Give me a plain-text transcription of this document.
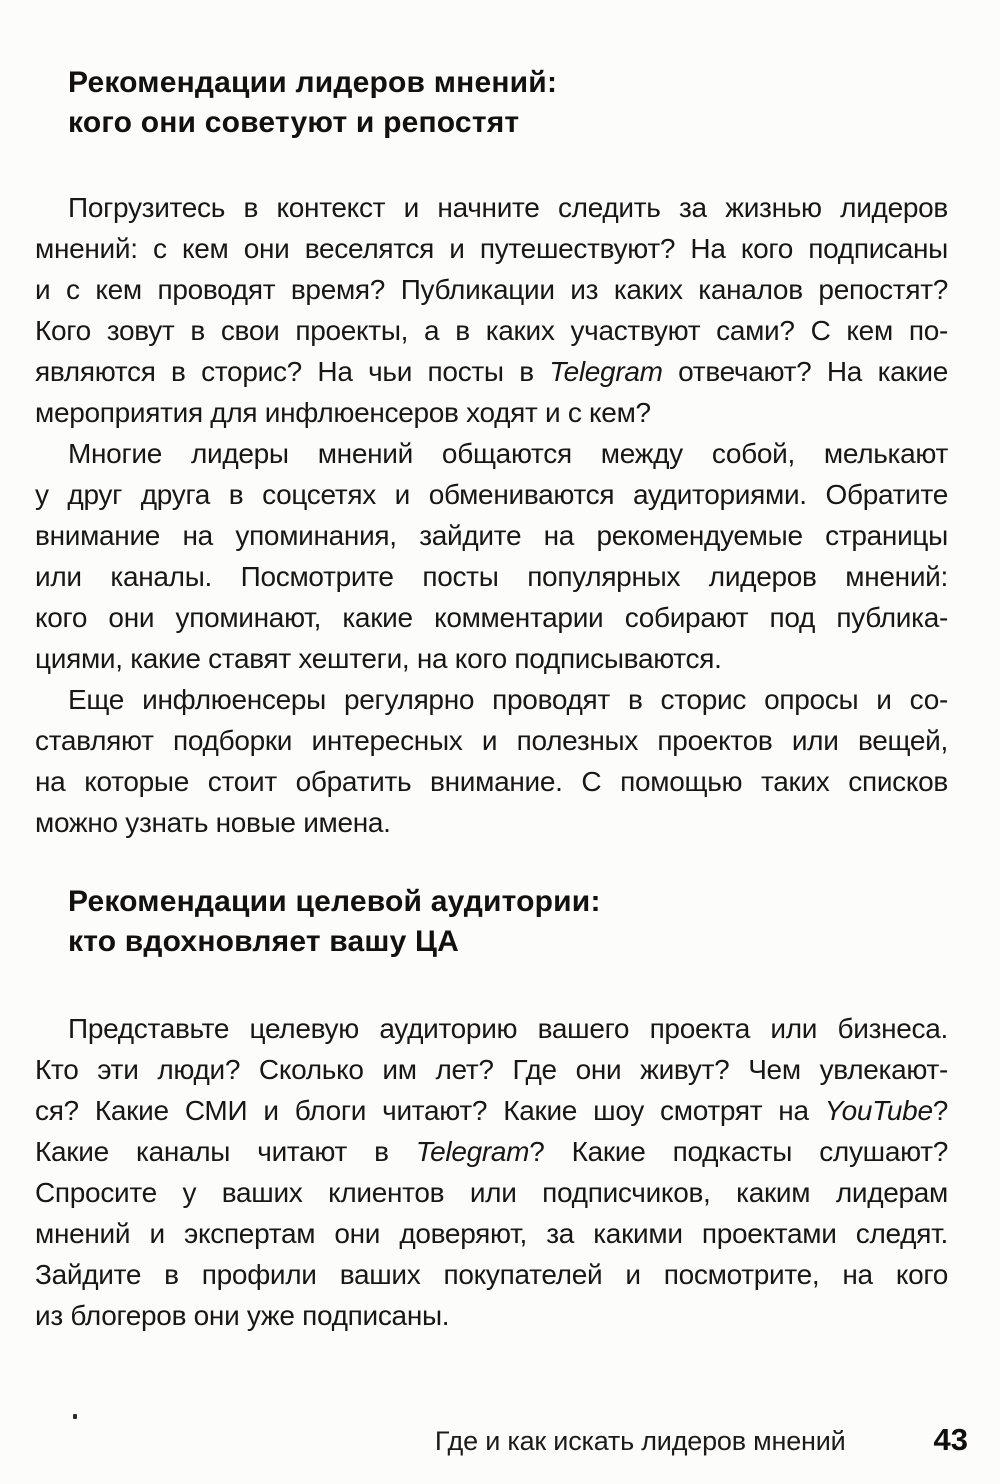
Рекомендации лидеров мнений:
кого они советуют и репостят
Погрузитесь в контекст и начните следить за жизнью лидеров
мнений: с кем они веселятся и путешествуют? На кого подписаны
и с кем проводят время? Публикации из каких каналов репостят?
Кого зовут в свои проекты, а в каких участвуют сами? С кем по-
являются в сторис? На чьи посты в Telegram отвечают? На какие
мероприятия для инфлюенсеров ходят и с кем?
Многие лидеры мнений общаются между собой, мелькают
у друг друга в соцсетях и обмениваются аудиториями. Обратите
внимание на упоминания, зайдите на рекомендуемые страницы
или каналы. Посмотрите посты популярных лидеров мнений:
кого они упоминают, какие комментарии собирают под публика-
циями, какие ставят хештеги, на кого подписываются.
Еще инфлюенсеры регулярно проводят в сторис опросы и со-
ставляют подборки интересных и полезных проектов или вещей,
на которые стоит обратить внимание. С помощью таких списков
можно узнать новые имена.
Рекомендации целевой аудитории:
кто вдохновляет вашу ЦА
Представьте целевую аудиторию вашего проекта или бизнеса.
Кто эти люди? Сколько им лет? Где они живут? Чем увлекают-
ся? Какие СМИ и блоги читают? Какие шоу смотрят на YouTube?
Какие каналы читают в Telegram? Какие подкасты слушают?
Спросите у ваших клиентов или подписчиков, каким лидерам
мнений и экспертам они доверяют, за какими проектами следят.
Зайдите в профили ваших покупателей и посмотрите, на кого
из блогеров они уже подписаны.
Где и как искать лидеров мнений	43
